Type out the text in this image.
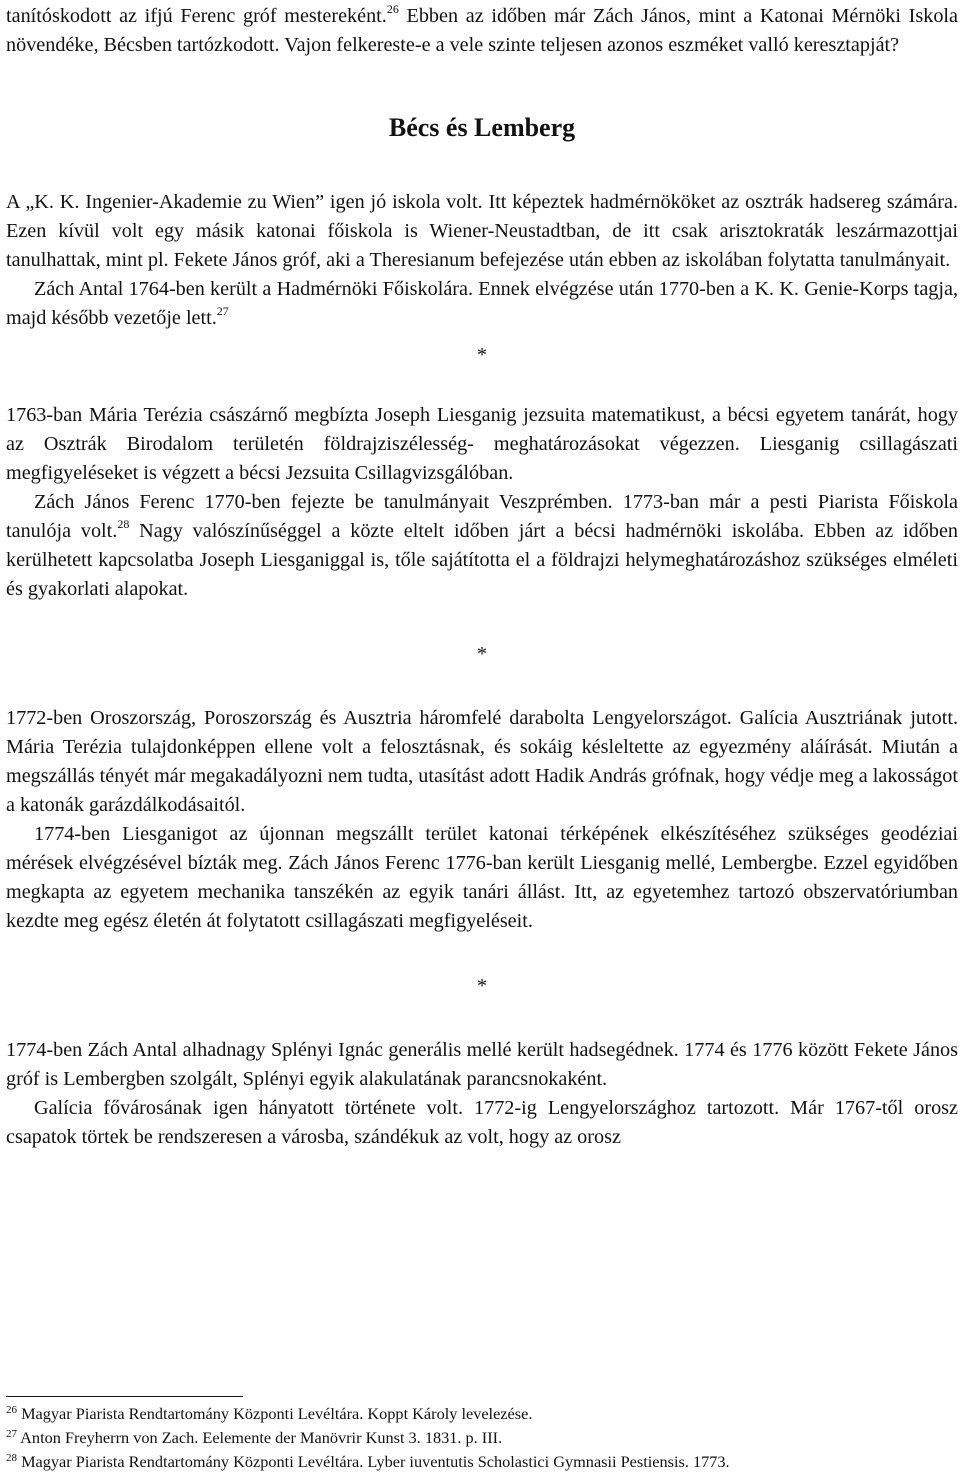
tanítóskodott az ifjú Ferenc gróf mestereként.$^{26}$ Ebben az időben már Zách János, mint a Katonai Mérnöki Iskola növendéke, Bécsben tartózkodott. Vajon felkereste-e a vele szinte teljesen azonos eszméket valló keresztapját?

Bécs és Lemberg

A „K. K. Ingenier-Akademie zu Wien” igen jó iskola volt. Itt képeztek hadmérnököket az osztrák hadsereg számára. Ezen kívül volt egy másik katonai főiskola is Wiener-Neustadtban, de itt csak arisztokraták leszármazottjai tanulhattak, mint pl. Fekete János gróf, aki a Theresianum befejezése után ebben az iskolában folytatta tanulmányait.

Zách Antal 1764-ben került a Hadmérnöki Főiskolára. Ennek elvégzése után 1770-ben a K. K. Genie-Korps tagja, majd később vezetője lett.$^{27}$

*

1763-ban Mária Terézia császárnő megbízta Joseph Liesganig jezsuita matematikust, a bécsi egyetem tanárát, hogy az Osztrák Birodalom területén földrajziszélesség- meghatározásokat végezzen. Liesganig csillagászati megfigyeléseket is végzett a bécsi Jezsuita Csillagvizsgálóban.

Zách János Ferenc 1770-ben fejezte be tanulmányait Veszprémben. 1773-ban már a pesti Piarista Főiskola tanulója volt.$^{28}$ Nagy valószínűséggel a közte eltelt időben járt a bécsi hadmérnöki iskolába. Ebben az időben kerülhetett kapcsolatba Joseph Liesganiggal is, tőle sajátította el a földrajzi helymeghatározáshoz szükséges elméleti és gyakorlati alapokat.

*

1772-ben Oroszország, Poroszország és Ausztria háromfelé darabolta Lengyelországot. Galícia Ausztriának jutott. Mária Terézia tulajdonképpen ellene volt a felosztásnak, és sokáig késleltette az egyezmény aláírását. Miután a megszállás tényét már megakadályozni nem tudta, utasítást adott Hadik András grófnak, hogy védje meg a lakosságot a katonák garázdálkodásaitól.

1774-ben Liesganigot az újonnan megszállt terület katonai térképének elkészítéséhez szükséges geodéziai mérések elvégzésével bízták meg. Zách János Ferenc 1776-ban került Liesganig mellé, Lembergbe. Ezzel egyidőben megkapta az egyetem mechanika tanszékén az egyik tanári állást. Itt, az egyetemhez tartozó obszervatóriumban kezdte meg egész életén át folytatott csillagászati megfigyeléseit.

*

1774-ben Zách Antal alhadnagy Splényi Ignác generális mellé került hadsegédnek. 1774 és 1776 között Fekete János gróf is Lembergben szolgált, Splényi egyik alakulatának parancsnokaként.

Galícia fővárosának igen hányatott története volt. 1772-ig Lengyelországhoz tartozott. Már 1767-től orosz csapatok törtek be rendszeresen a városba, szándékuk az volt, hogy az orosz

$^{26}$ Magyar Piarista Rendtartomány Központi Levéltára. Koppt Károly levelezése.

$^{27}$ Anton Freyherrn von Zach. Eelemente der Manövrir Kunst 3. 1831. p. III.

$^{28}$ Magyar Piarista Rendtartomány Központi Levéltára. Lyber iuventutis Scholastici Gymnasii Pestiensis. 1773.
